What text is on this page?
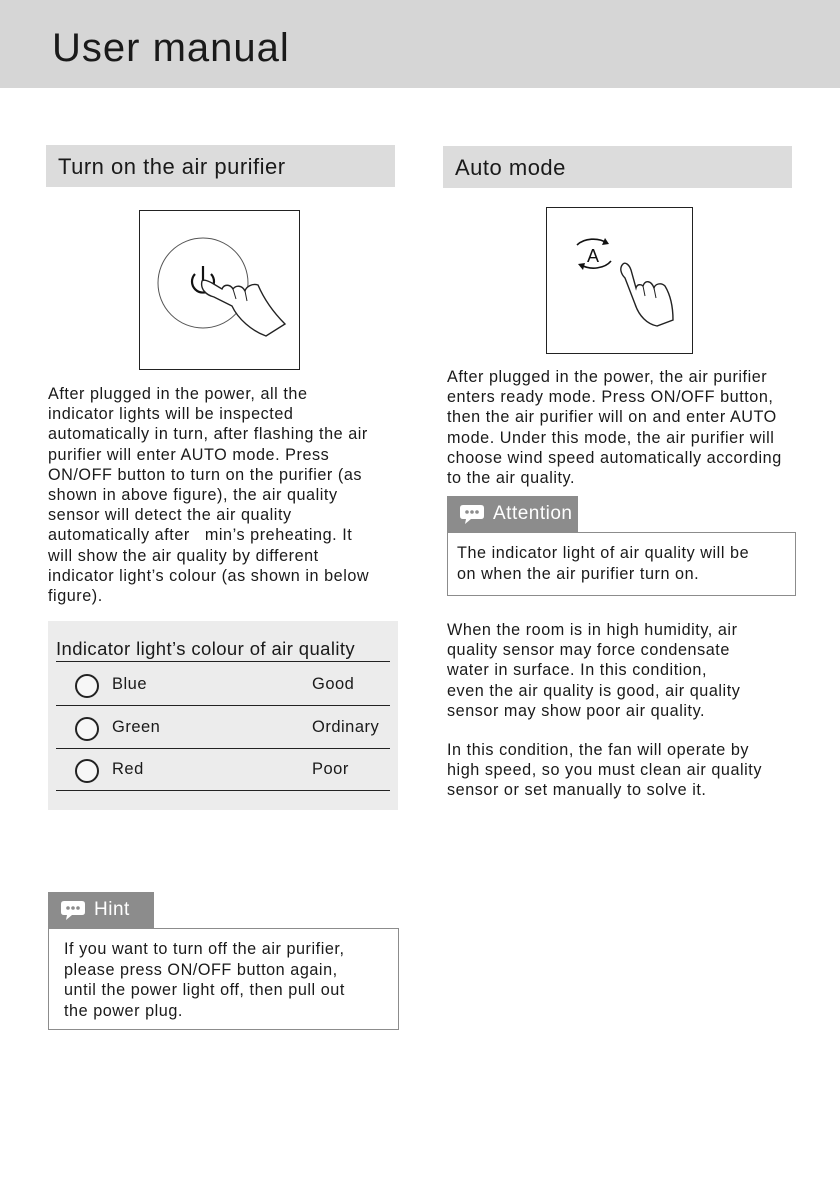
User manual
Turn on the air purifier

After plugged in the power, all the
indicator lights will be inspected
automatically in turn, after flashing the air
purifier will enter AUTO mode. Press
ON/OFF button to turn on the purifier (as
shown in above figure), the air quality
sensor will detect the air quality
automatically after min’s preheating. It
will show the air quality by different
indicator light’s colour (as shown in below
figure).

Indicator light’s colour of air quality
Blue	Good
Green	Ordinary
Red	Poor
Hint
If you want to turn off the air purifier,
please press ON/OFF button again,
until the power light off, then pull out
the power plug.
Auto mode
A

After plugged in the power, the air purifier
enters ready mode. Press ON/OFF button,
then the air purifier will on and enter AUTO
mode. Under this mode, the air purifier will
choose wind speed automatically according
to the air quality.

Attention
The indicator light of air quality will be
on when the air purifier turn on.

When the room is in high humidity, air
quality sensor may force condensate
water in surface. In this condition,
even the air quality is good, air quality
sensor may show poor air quality.

In this condition, the fan will operate by
high speed, so you must clean air quality
sensor or set manually to solve it.
